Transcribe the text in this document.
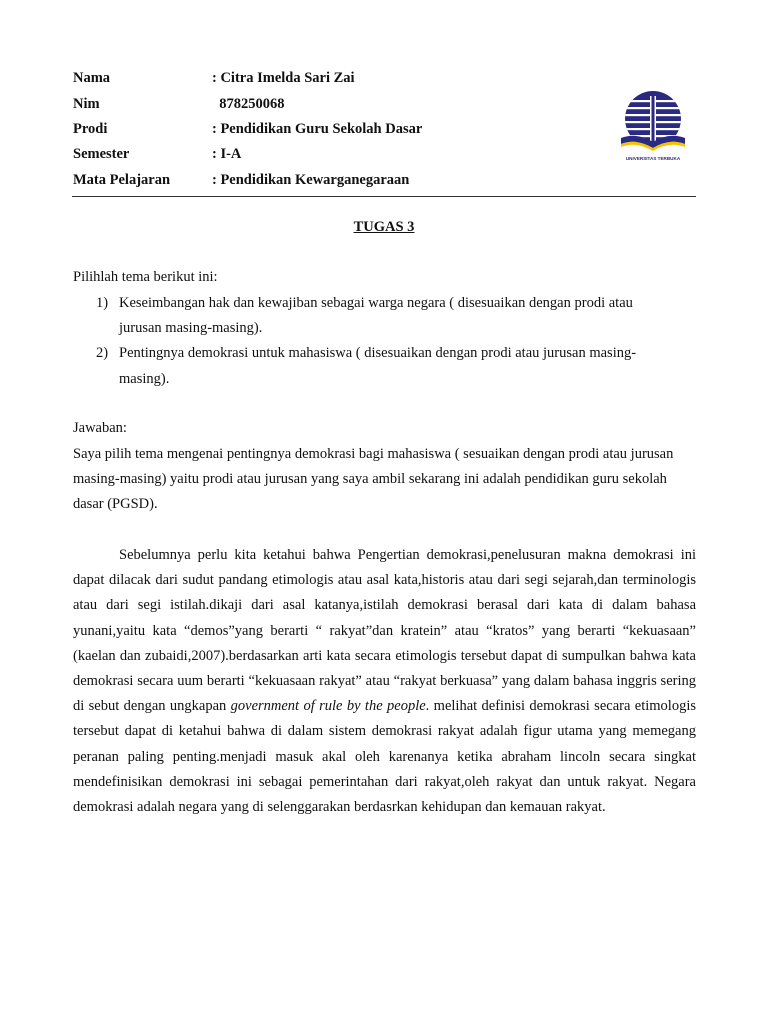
Nama	: Citra Imelda Sari Zai
Nim	878250068
Prodi	: Pendidikan Guru Sekolah Dasar
Semester	: I-A
Mata Pelajaran	: Pendidikan Kewarganegaraan
UNIVERSITAS TERBUKA
TUGAS 3
Pilihlah tema berikut ini:
1) Keseimbangan hak dan kewajiban sebagai warga negara ( disesuaikan dengan prodi atau jurusan masing-masing).
2) Pentingnya demokrasi untuk mahasiswa ( disesuaikan dengan prodi atau jurusan masing-masing).
Jawaban:
Saya pilih tema mengenai pentingnya demokrasi bagi mahasiswa ( sesuaikan dengan prodi atau jurusan masing-masing) yaitu prodi atau jurusan yang saya ambil sekarang ini adalah pendidikan guru sekolah dasar (PGSD).
Sebelumnya perlu kita ketahui bahwa Pengertian demokrasi,penelusuran makna demokrasi ini dapat dilacak dari sudut pandang etimologis atau asal kata,historis atau dari segi sejarah,dan terminologis atau dari segi istilah.dikaji dari asal katanya,istilah demokrasi berasal dari kata di dalam bahasa yunani,yaitu kata “demos”yang berarti “ rakyat”dan kratein” atau “kratos” yang berarti “kekuasaan” (kaelan dan zubaidi,2007).berdasarkan arti kata secara etimologis tersebut dapat di sumpulkan bahwa kata demokrasi secara uum berarti “kekuasaan rakyat” atau “rakyat berkuasa” yang dalam bahasa inggris sering di sebut dengan ungkapan government of rule by the people. melihat definisi demokrasi secara etimologis tersebut dapat di ketahui bahwa di dalam sistem demokrasi rakyat adalah figur utama yang memegang peranan paling penting.menjadi masuk akal oleh karenanya ketika abraham lincoln secara singkat mendefinisikan demokrasi ini sebagai pemerintahan dari rakyat,oleh rakyat dan untuk rakyat. Negara demokrasi adalah negara yang di selenggarakan berdasrkan kehidupan dan kemauan rakyat.
